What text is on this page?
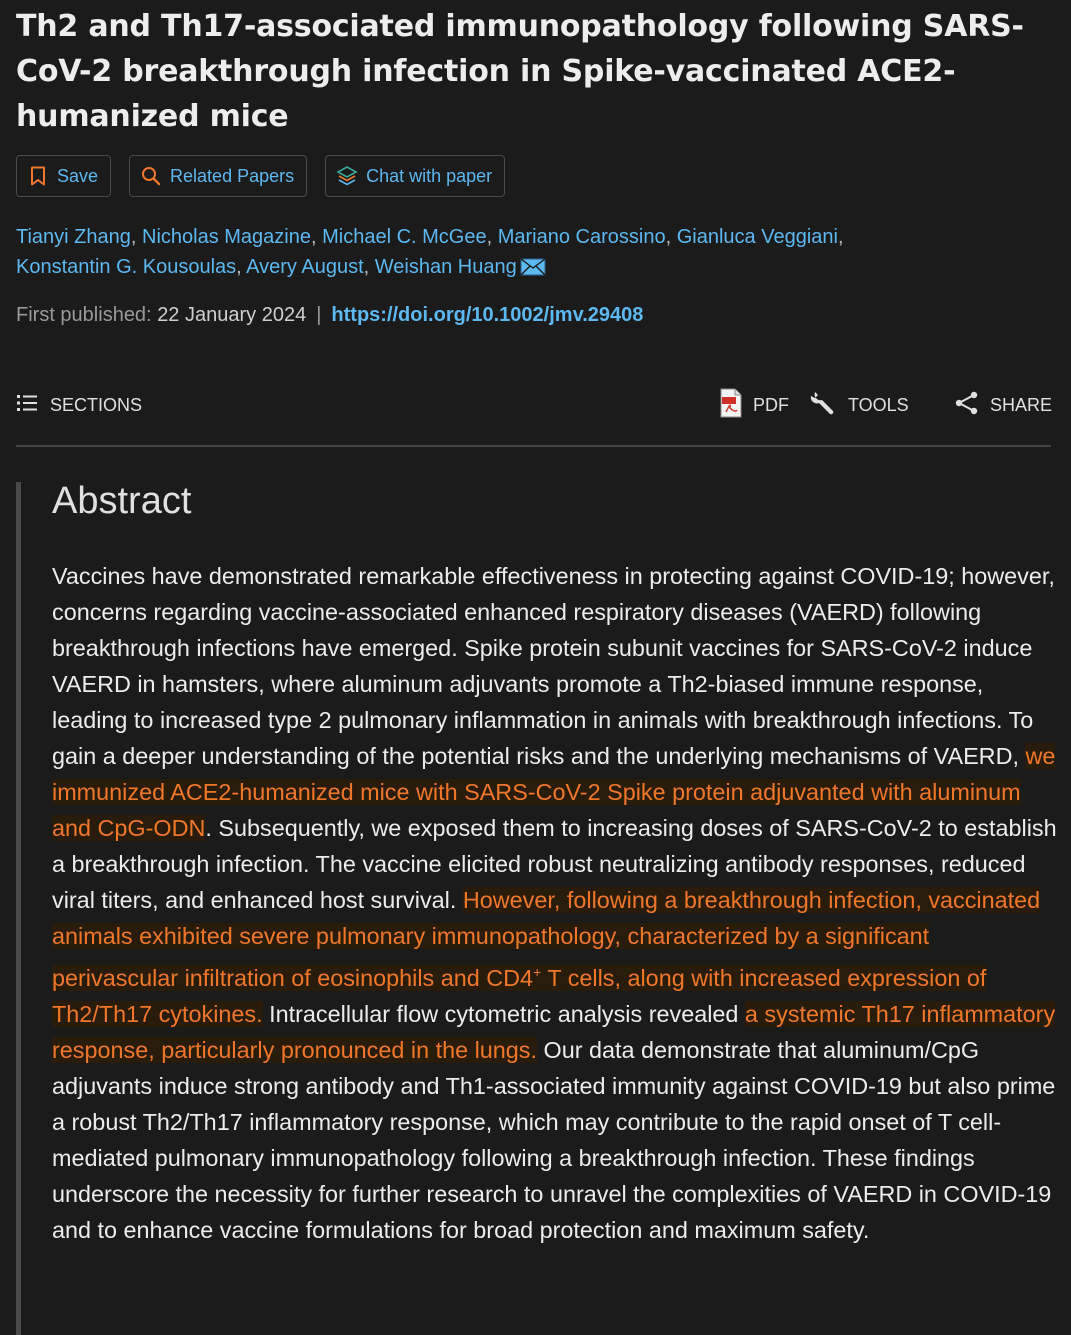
Th2 and Th17-associated immunopathology following SARS-CoV-2 breakthrough infection in Spike-vaccinated ACE2-humanized mice
Save	Related Papers	Chat with paper
Tianyi Zhang, Nicholas Magazine, Michael C. McGee, Mariano Carossino, Gianluca Veggiani,
Konstantin G. Kousoulas, Avery August, Weishan Huang
First published: 22 January 2024 | https://doi.org/10.1002/jmv.29408
SECTIONS	PDF	TOOLS	SHARE
Abstract

Vaccines have demonstrated remarkable effectiveness in protecting against COVID-19; however, concerns regarding vaccine-associated enhanced respiratory diseases (VAERD) following breakthrough infections have emerged. Spike protein subunit vaccines for SARS-CoV-2 induce VAERD in hamsters, where aluminum adjuvants promote a Th2-biased immune response, leading to increased type 2 pulmonary inflammation in animals with breakthrough infections. To gain a deeper understanding of the potential risks and the underlying mechanisms of VAERD, we immunized ACE2-humanized mice with SARS-CoV-2 Spike protein adjuvanted with aluminum and CpG-ODN. Subsequently, we exposed them to increasing doses of SARS-CoV-2 to establish a breakthrough infection. The vaccine elicited robust neutralizing antibody responses, reduced viral titers, and enhanced host survival. However, following a breakthrough infection, vaccinated animals exhibited severe pulmonary immunopathology, characterized by a significant perivascular infiltration of eosinophils and CD4+ T cells, along with increased expression of Th2/Th17 cytokines. Intracellular flow cytometric analysis revealed a systemic Th17 inflammatory response, particularly pronounced in the lungs. Our data demonstrate that aluminum/CpG adjuvants induce strong antibody and Th1-associated immunity against COVID-19 but also prime a robust Th2/Th17 inflammatory response, which may contribute to the rapid onset of T cell-mediated pulmonary immunopathology following a breakthrough infection. These findings underscore the necessity for further research to unravel the complexities of VAERD in COVID-19 and to enhance vaccine formulations for broad protection and maximum safety.
